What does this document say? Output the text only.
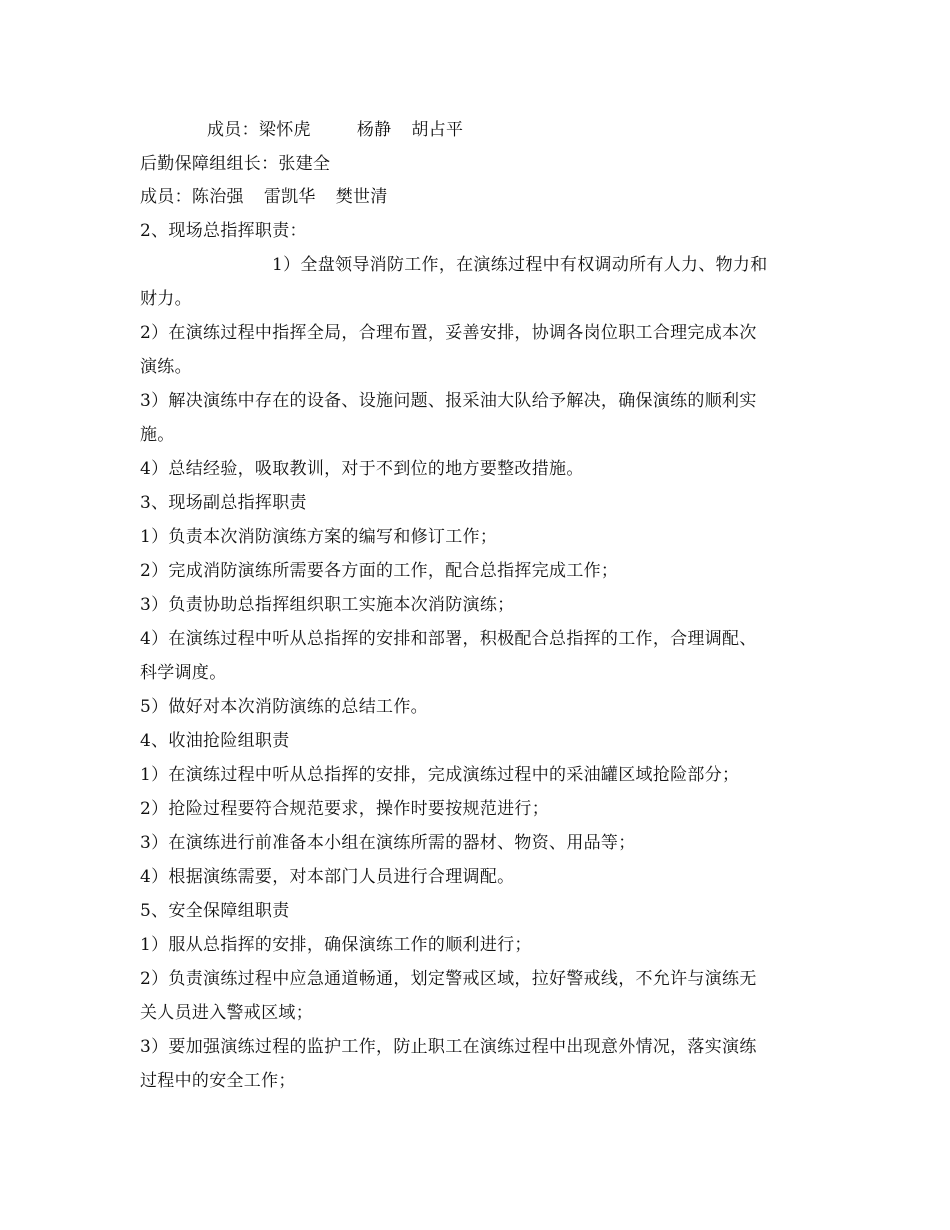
成员：梁怀虎	杨静 胡占平
后勤保障组组长：张建全
成员：陈治强 雷凯华 樊世清
2、现场总指挥职责：
1）全盘领导消防工作，在演练过程中有权调动所有人力、物力和
财力。
2）在演练过程中指挥全局，合理布置，妥善安排，协调各岗位职工合理完成本次
演练。
3）解决演练中存在的设备、设施问题、报采油大队给予解决，确保演练的顺利实
施。
4）总结经验，吸取教训，对于不到位的地方要整改措施。
3、现场副总指挥职责
1）负责本次消防演练方案的编写和修订工作；
2）完成消防演练所需要各方面的工作，配合总指挥完成工作；
3）负责协助总指挥组织职工实施本次消防演练；
4）在演练过程中听从总指挥的安排和部署，积极配合总指挥的工作，合理调配、
科学调度。
5）做好对本次消防演练的总结工作。
4、收油抢险组职责
1）在演练过程中听从总指挥的安排，完成演练过程中的采油罐区域抢险部分；
2）抢险过程要符合规范要求，操作时要按规范进行；
3）在演练进行前准备本小组在演练所需的器材、物资、用品等；
4）根据演练需要，对本部门人员进行合理调配。
5、安全保障组职责
1）服从总指挥的安排，确保演练工作的顺利进行；
2）负责演练过程中应急通道畅通，划定警戒区域，拉好警戒线，不允许与演练无
关人员进入警戒区域；
3）要加强演练过程的监护工作，防止职工在演练过程中出现意外情况，落实演练
过程中的安全工作；
